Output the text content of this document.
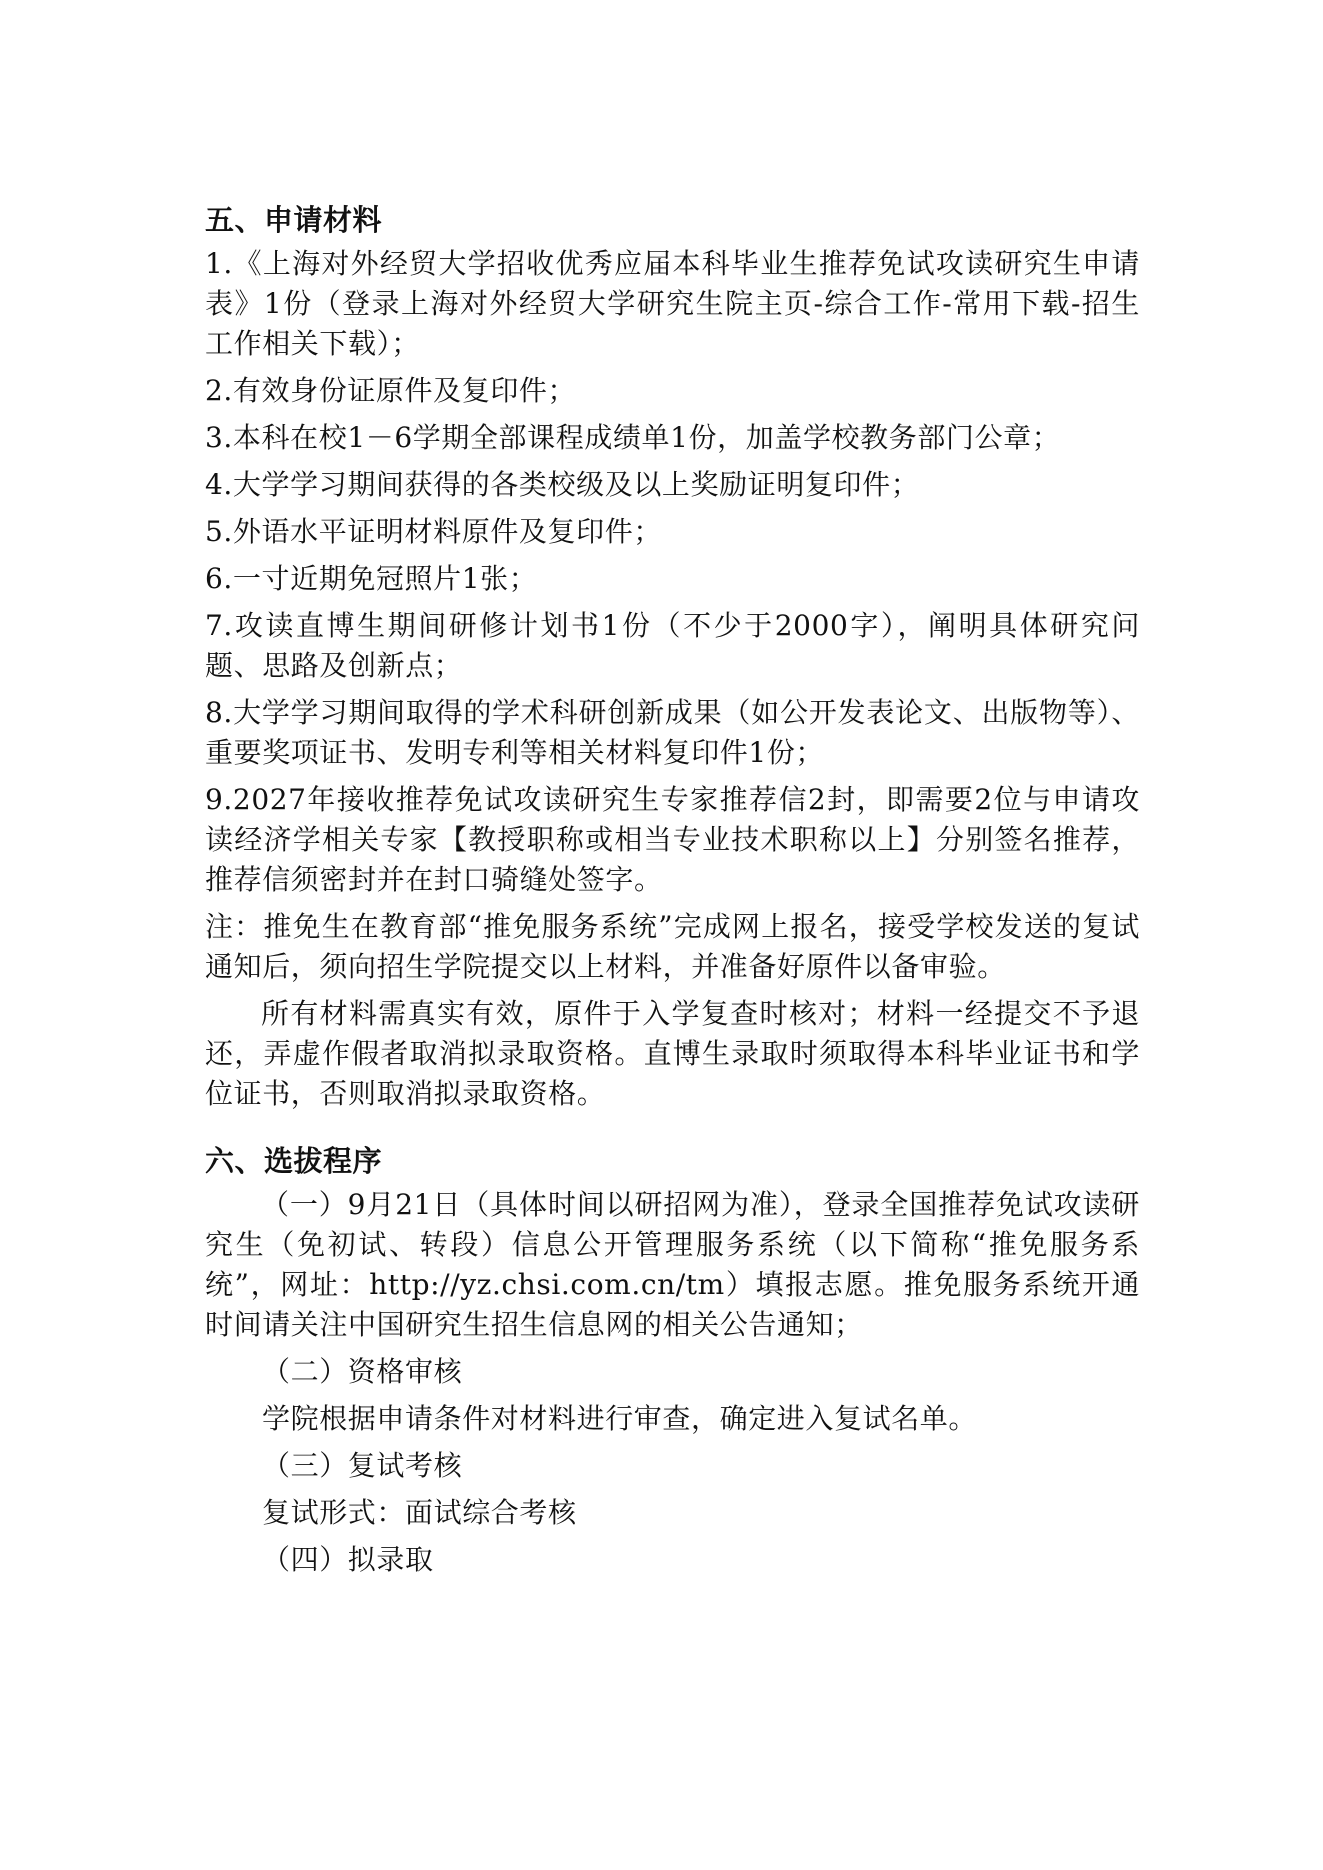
五、申请材料
1.《上海对外经贸大学招收优秀应届本科毕业生推荐免试攻读研究生申请表》1份（登录上海对外经贸大学研究生院主页-综合工作-常用下载-招生工作相关下载）；
2.有效身份证原件及复印件；
3.本科在校1－6学期全部课程成绩单1份，加盖学校教务部门公章；
4.大学学习期间获得的各类校级及以上奖励证明复印件；
5.外语水平证明材料原件及复印件；
6.一寸近期免冠照片1张；
7.攻读直博生期间研修计划书1份（不少于2000字），阐明具体研究问题、思路及创新点；
8.大学学习期间取得的学术科研创新成果（如公开发表论文、出版物等）、重要奖项证书、发明专利等相关材料复印件1份；
9.2027年接收推荐免试攻读研究生专家推荐信2封，即需要2位与申请攻读经济学相关专家【教授职称或相当专业技术职称以上】分别签名推荐，推荐信须密封并在封口骑缝处签字。
注：推免生在教育部“推免服务系统”完成网上报名，接受学校发送的复试通知后，须向招生学院提交以上材料，并准备好原件以备审验。
所有材料需真实有效，原件于入学复查时核对；材料一经提交不予退还，弄虚作假者取消拟录取资格。直博生录取时须取得本科毕业证书和学位证书，否则取消拟录取资格。
六、选拔程序
（一）9月21日（具体时间以研招网为准），登录全国推荐免试攻读研究生（免初试、转段）信息公开管理服务系统（以下简称“推免服务系统”，网址：http://yz.chsi.com.cn/tm）填报志愿。推免服务系统开通时间请关注中国研究生招生信息网的相关公告通知；
（二）资格审核
学院根据申请条件对材料进行审查，确定进入复试名单。
（三）复试考核
复试形式：面试综合考核
（四）拟录取
